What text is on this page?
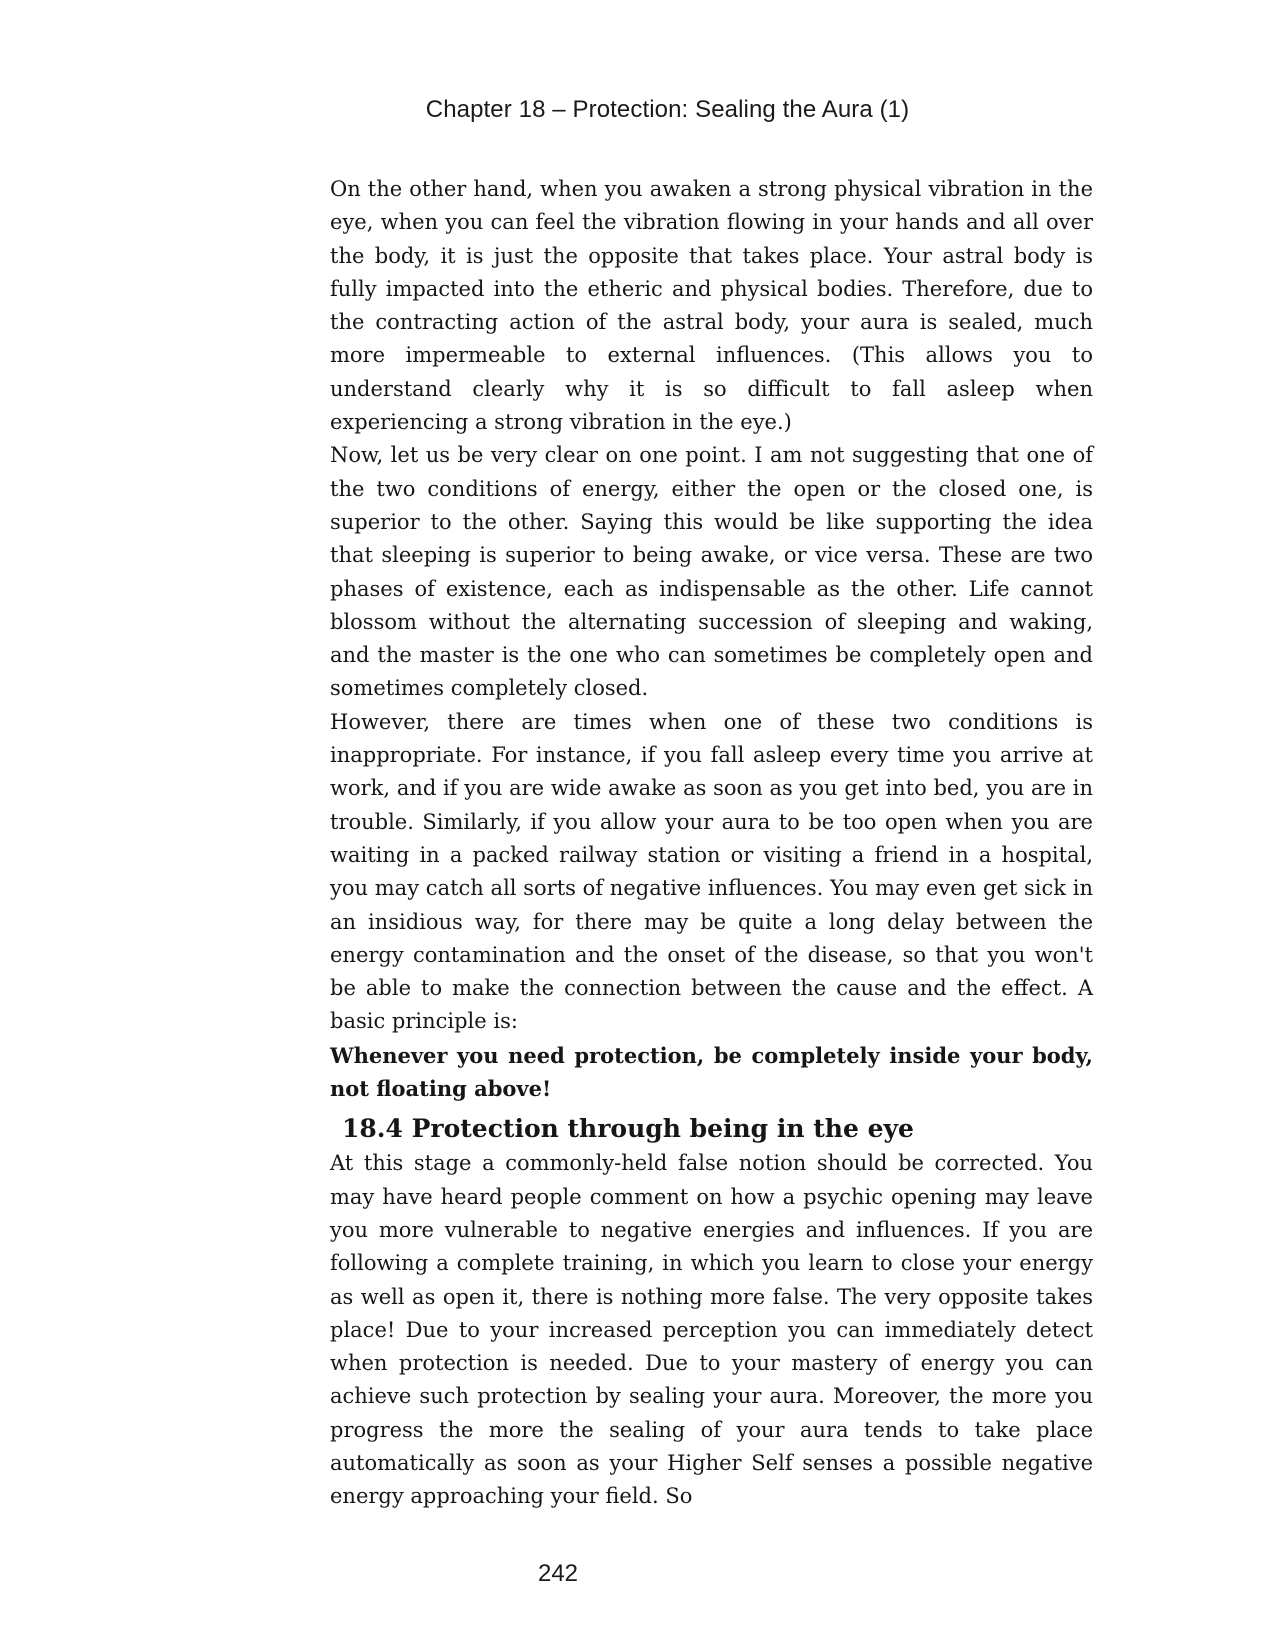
Chapter 18 – Protection: Sealing the Aura (1)

On the other hand, when you awaken a strong physical vibration in the eye, when you can feel the vibration flowing in your hands and all over the body, it is just the opposite that takes place. Your astral body is fully impacted into the etheric and physical bodies. Therefore, due to the contracting action of the astral body, your aura is sealed, much more impermeable to external influences. (This allows you to understand clearly why it is so difficult to fall asleep when experiencing a strong vibration in the eye.)

Now, let us be very clear on one point. I am not suggesting that one of the two conditions of energy, either the open or the closed one, is superior to the other. Saying this would be like supporting the idea that sleeping is superior to being awake, or vice versa. These are two phases of existence, each as indispensable as the other. Life cannot blossom without the alternating succession of sleeping and waking, and the master is the one who can sometimes be completely open and sometimes completely closed.

However, there are times when one of these two conditions is inappropriate. For instance, if you fall asleep every time you arrive at work, and if you are wide awake as soon as you get into bed, you are in trouble. Similarly, if you allow your aura to be too open when you are waiting in a packed railway station or visiting a friend in a hospital, you may catch all sorts of negative influences. You may even get sick in an insidious way, for there may be quite a long delay between the energy contamination and the onset of the disease, so that you won't be able to make the connection between the cause and the effect. A basic principle is:

Whenever you need protection, be completely inside your body, not floating above!

18.4 Protection through being in the eye

At this stage a commonly-held false notion should be corrected. You may have heard people comment on how a psychic opening may leave you more vulnerable to negative energies and influences. If you are following a complete training, in which you learn to close your energy as well as open it, there is nothing more false. The very opposite takes place! Due to your increased perception you can immediately detect when protection is needed. Due to your mastery of energy you can achieve such protection by sealing your aura. Moreover, the more you progress the more the sealing of your aura tends to take place automatically as soon as your Higher Self senses a possible negative energy approaching your field. So

242
